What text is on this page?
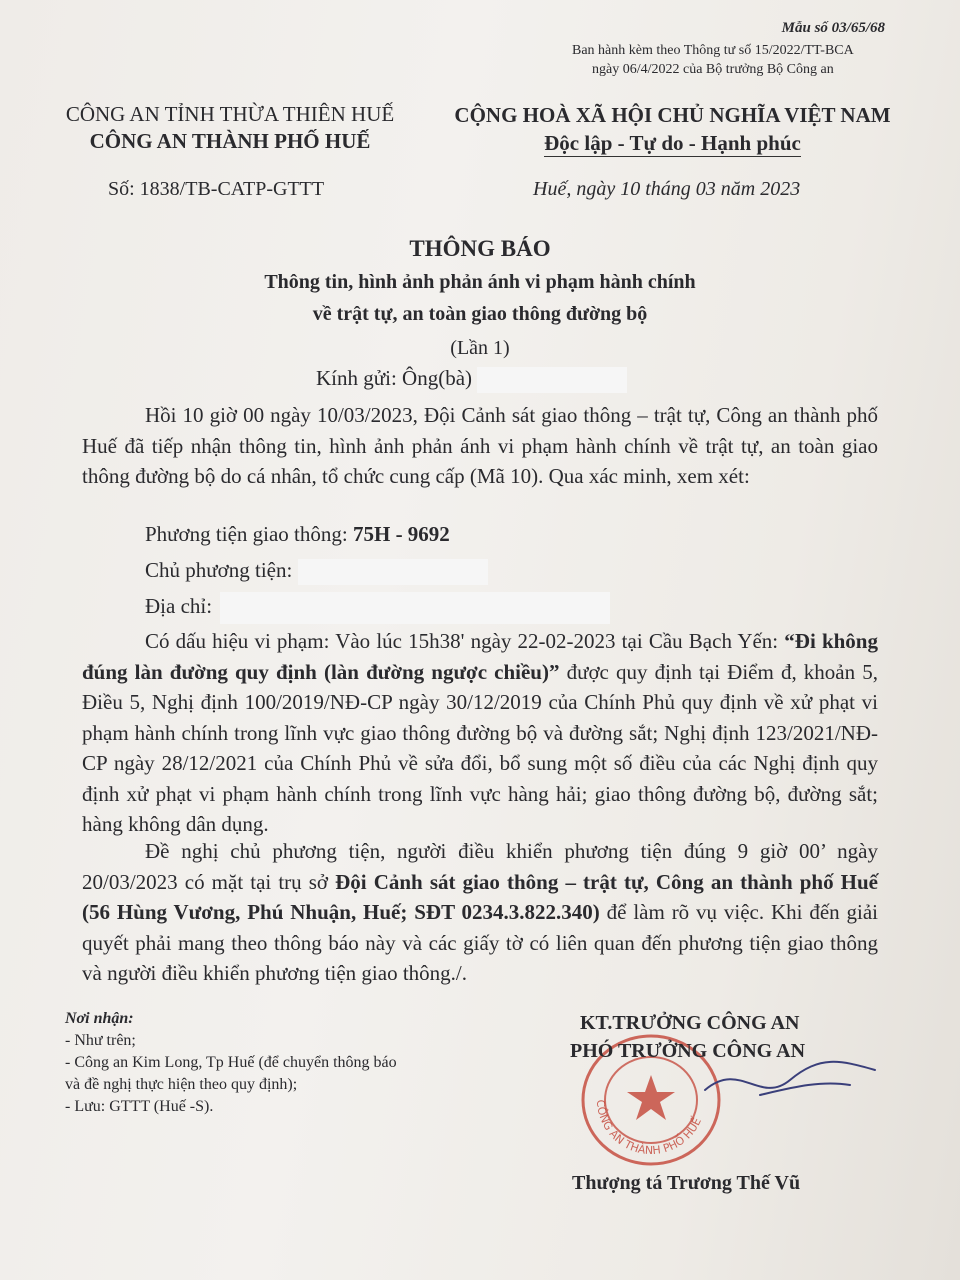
Mẫu số 03/65/68
Ban hành kèm theo Thông tư số 15/2022/TT-BCA
ngày 06/4/2022 của Bộ trưởng Bộ Công an
CÔNG AN TỈNH THỪA THIÊN HUẾ
CÔNG AN THÀNH PHỐ HUẾ
CỘNG HOÀ XÃ HỘI CHỦ NGHĨA VIỆT NAM
Độc lập - Tự do - Hạnh phúc
Số: 1838/TB-CATP-GTTT	Huế, ngày 10 tháng 03 năm 2023
THÔNG BÁO
Thông tin, hình ảnh phản ánh vi phạm hành chính
về trật tự, an toàn giao thông đường bộ
(Lần 1)
Kính gửi: Ông(bà)
Hồi 10 giờ 00 ngày 10/03/2023, Đội Cảnh sát giao thông – trật tự, Công an thành phố Huế đã tiếp nhận thông tin, hình ảnh phản ánh vi phạm hành chính về trật tự, an toàn giao thông đường bộ do cá nhân, tổ chức cung cấp (Mã 10). Qua xác minh, xem xét:
Phương tiện giao thông: 75H - 9692
Chủ phương tiện:
Địa chỉ:
Có dấu hiệu vi phạm: Vào lúc 15h38' ngày 22-02-2023 tại Cầu Bạch Yến: “Đi không đúng làn đường quy định (làn đường ngược chiều)” được quy định tại Điểm đ, khoản 5, Điều 5, Nghị định 100/2019/NĐ-CP ngày 30/12/2019 của Chính Phủ quy định về xử phạt vi phạm hành chính trong lĩnh vực giao thông đường bộ và đường sắt; Nghị định 123/2021/NĐ-CP ngày 28/12/2021 của Chính Phủ về sửa đổi, bổ sung một số điều của các Nghị định quy định xử phạt vi phạm hành chính trong lĩnh vực hàng hải; giao thông đường bộ, đường sắt; hàng không dân dụng.
Đề nghị chủ phương tiện, người điều khiển phương tiện đúng 9 giờ 00’ ngày 20/03/2023 có mặt tại trụ sở Đội Cảnh sát giao thông – trật tự, Công an thành phố Huế (56 Hùng Vương, Phú Nhuận, Huế; SĐT 0234.3.822.340) để làm rõ vụ việc. Khi đến giải quyết phải mang theo thông báo này và các giấy tờ có liên quan đến phương tiện giao thông và người điều khiển phương tiện giao thông./.
Nơi nhận:
- Như trên;
- Công an Kim Long, Tp Huế (để chuyển thông báo
và đề nghị thực hiện theo quy định);
- Lưu: GTTT (Huế -S).	CÔNG AN THÀNH PHỐ HUẾ
KT.TRƯỞNG CÔNG AN
PHÓ TRƯỞNG CÔNG AN
Thượng tá Trương Thế Vũ
